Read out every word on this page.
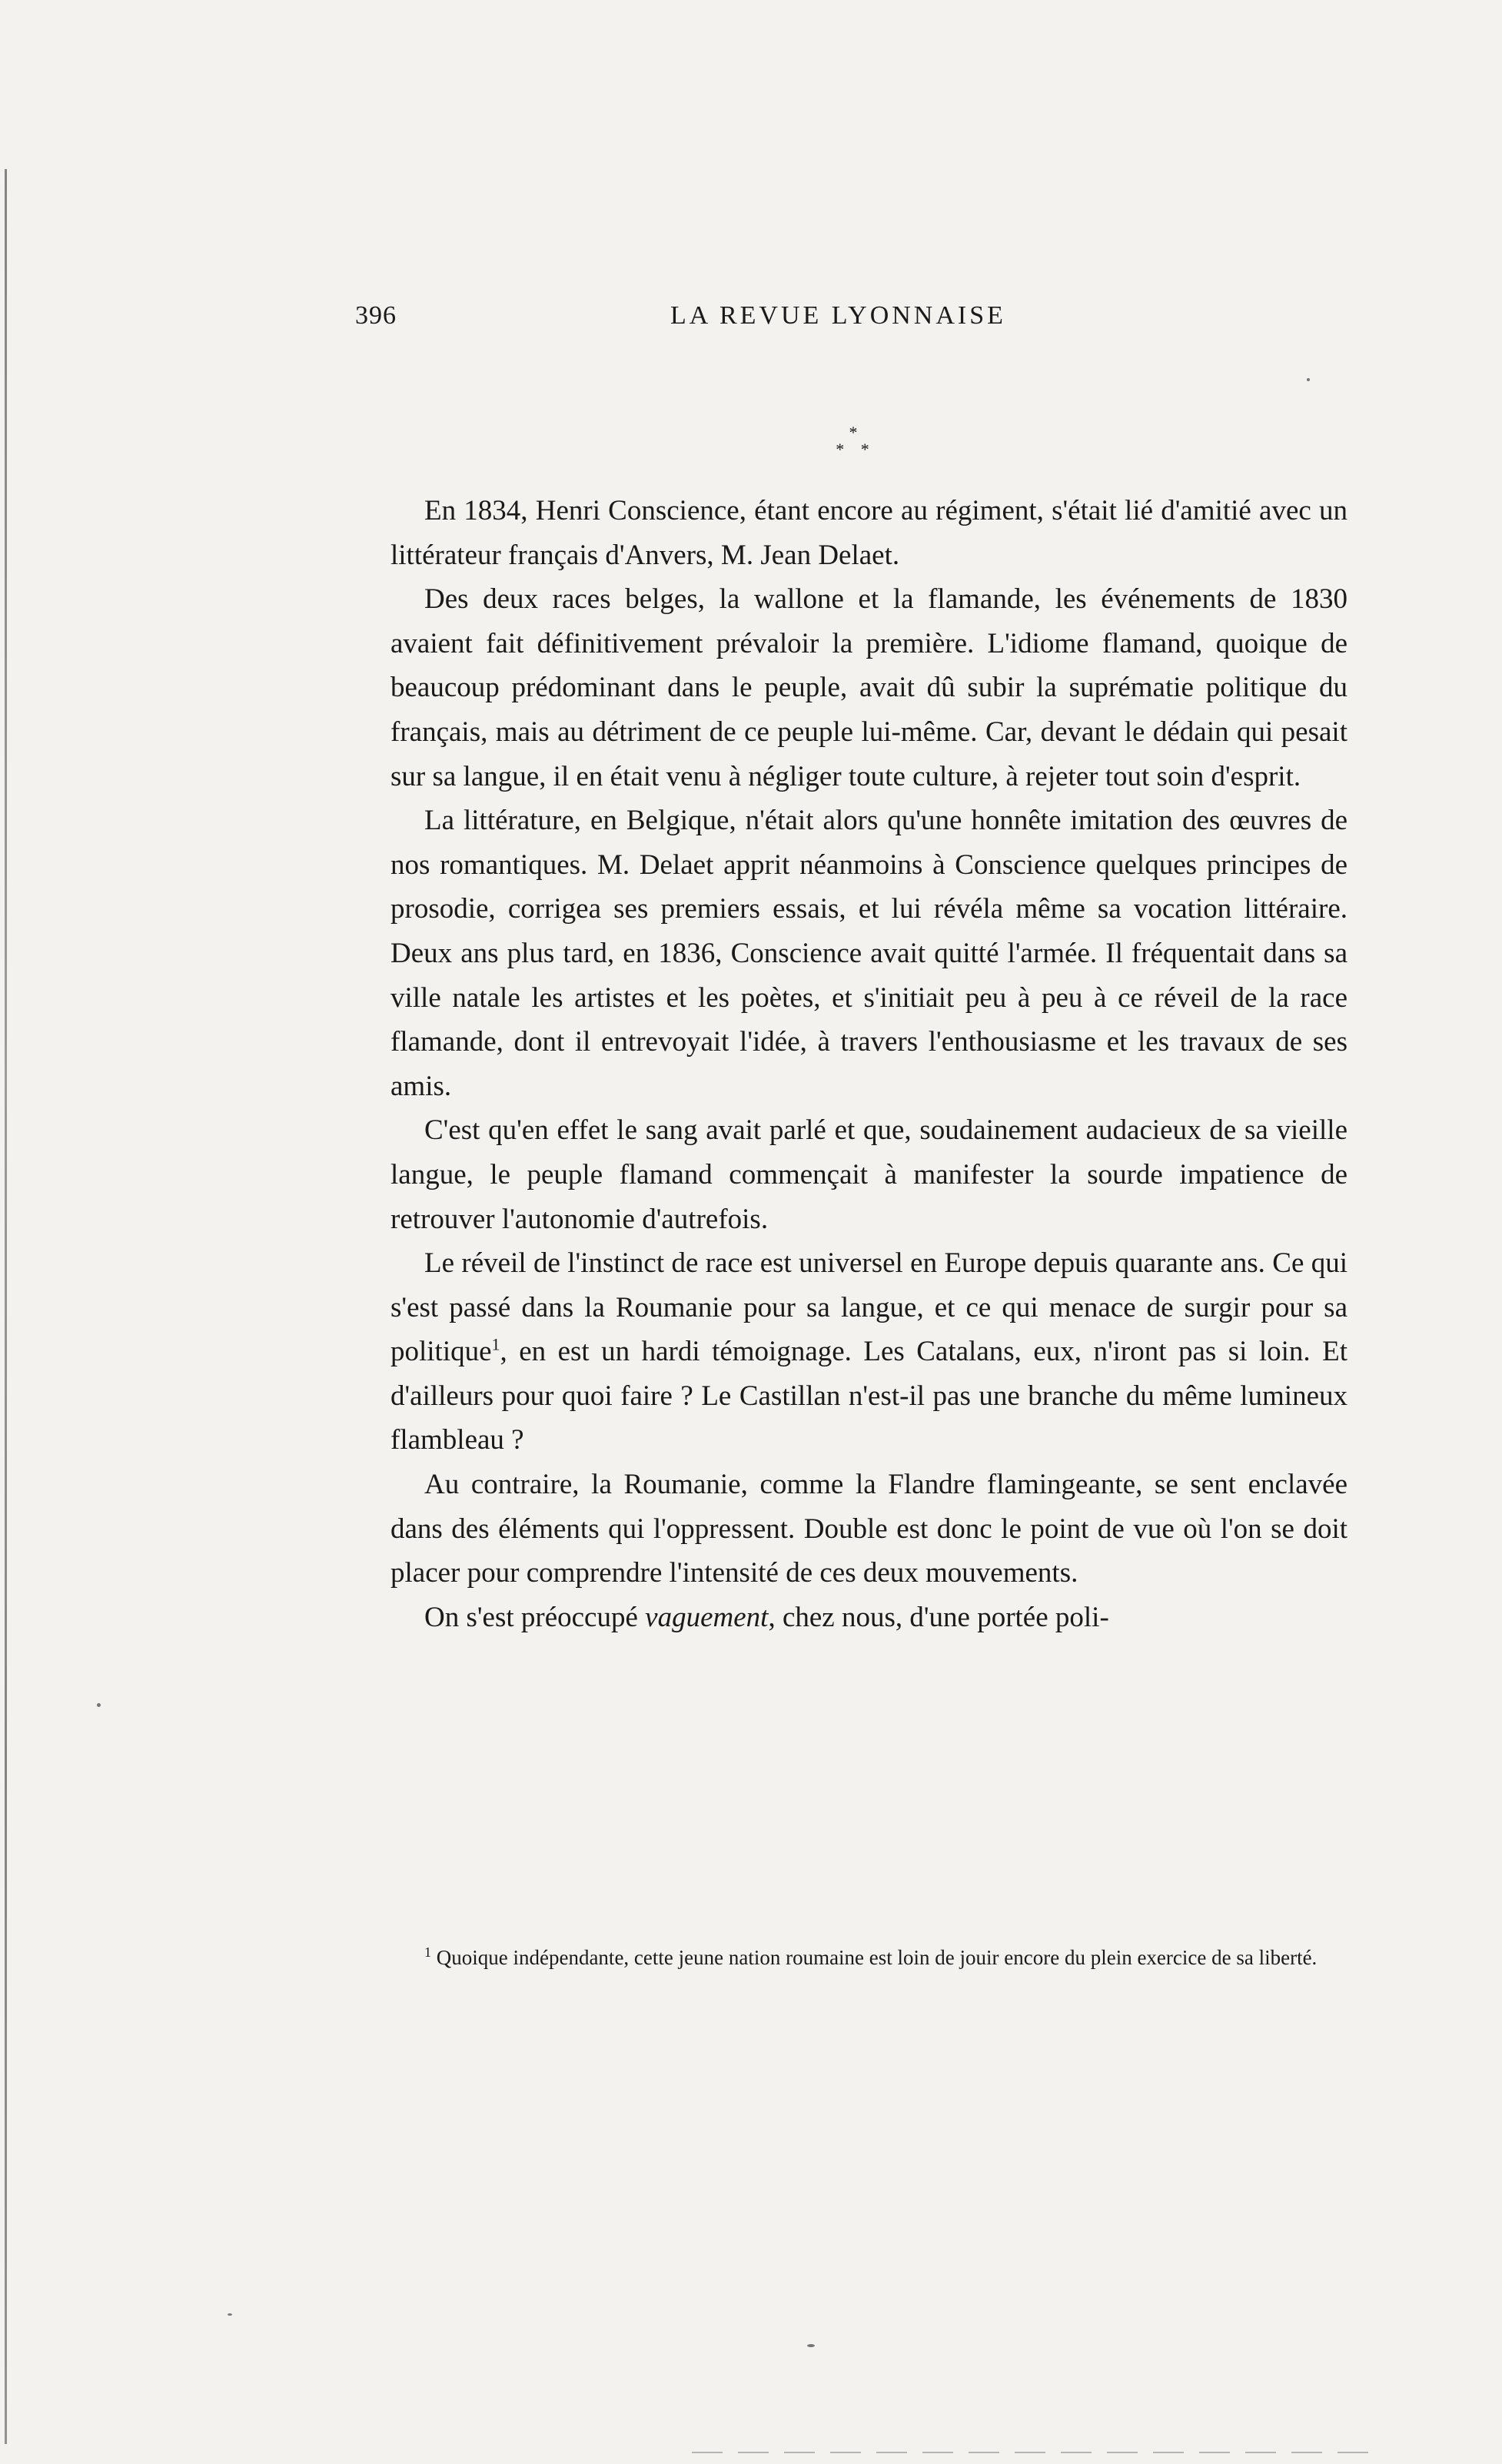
396	LA REVUE LYONNAISE
*
* *

En 1834, Henri Conscience, étant encore au régiment, s'était lié d'amitié avec un littérateur français d'Anvers, M. Jean Delaet.

Des deux races belges, la wallone et la flamande, les événements de 1830 avaient fait définitivement prévaloir la première. L'idiome flamand, quoique de beaucoup prédominant dans le peuple, avait dû subir la suprématie politique du français, mais au détriment de ce peuple lui-même. Car, devant le dédain qui pesait sur sa langue, il en était venu à négliger toute culture, à rejeter tout soin d'esprit.

La littérature, en Belgique, n'était alors qu'une honnête imitation des œuvres de nos romantiques. M. Delaet apprit néanmoins à Conscience quelques principes de prosodie, corrigea ses premiers essais, et lui révéla même sa vocation littéraire. Deux ans plus tard, en 1836, Conscience avait quitté l'armée. Il fréquentait dans sa ville natale les artistes et les poètes, et s'initiait peu à peu à ce réveil de la race flamande, dont il entrevoyait l'idée, à travers l'enthousiasme et les travaux de ses amis.

C'est qu'en effet le sang avait parlé et que, soudainement audacieux de sa vieille langue, le peuple flamand commençait à manifester la sourde impatience de retrouver l'autonomie d'autrefois.

Le réveil de l'instinct de race est universel en Europe depuis quarante ans. Ce qui s'est passé dans la Roumanie pour sa langue, et ce qui menace de surgir pour sa politique$^1$, en est un hardi témoignage. Les Catalans, eux, n'iront pas si loin. Et d'ailleurs pour quoi faire ? Le Castillan n'est-il pas une branche du même lumineux flambleau ?

Au contraire, la Roumanie, comme la Flandre flamingeante, se sent enclavée dans des éléments qui l'oppressent. Double est donc le point de vue où l'on se doit placer pour comprendre l'intensité de ces deux mouvements.

On s'est préoccupé vaguement, chez nous, d'une portée poli-

$^1$ Quoique indépendante, cette jeune nation roumaine est loin de jouir encore du plein exercice de sa liberté.
